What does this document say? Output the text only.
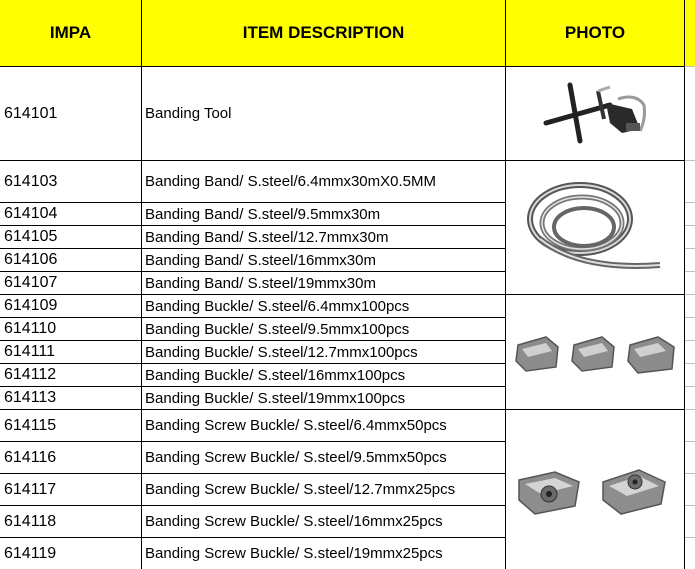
IMPA	ITEM DESCRIPTION	PHOTO
614101	Banding Tool
614103	Banding Band/ S.steel/6.4mmx30mX0.5MM
614104	Banding Band/ S.steel/9.5mmx30m
614105	Banding Band/ S.steel/12.7mmx30m
614106	Banding Band/ S.steel/16mmx30m
614107	Banding Band/ S.steel/19mmx30m
614109	Banding Buckle/ S.steel/6.4mmx100pcs
614110	Banding Buckle/ S.steel/9.5mmx100pcs
614111	Banding Buckle/ S.steel/12.7mmx100pcs
614112	Banding Buckle/ S.steel/16mmx100pcs
614113	Banding Buckle/ S.steel/19mmx100pcs
614115	Banding Screw Buckle/ S.steel/6.4mmx50pcs
614116	Banding Screw Buckle/ S.steel/9.5mmx50pcs
614117	Banding Screw Buckle/ S.steel/12.7mmx25pcs
614118	Banding Screw Buckle/ S.steel/16mmx25pcs
614119	Banding Screw Buckle/ S.steel/19mmx25pcs
